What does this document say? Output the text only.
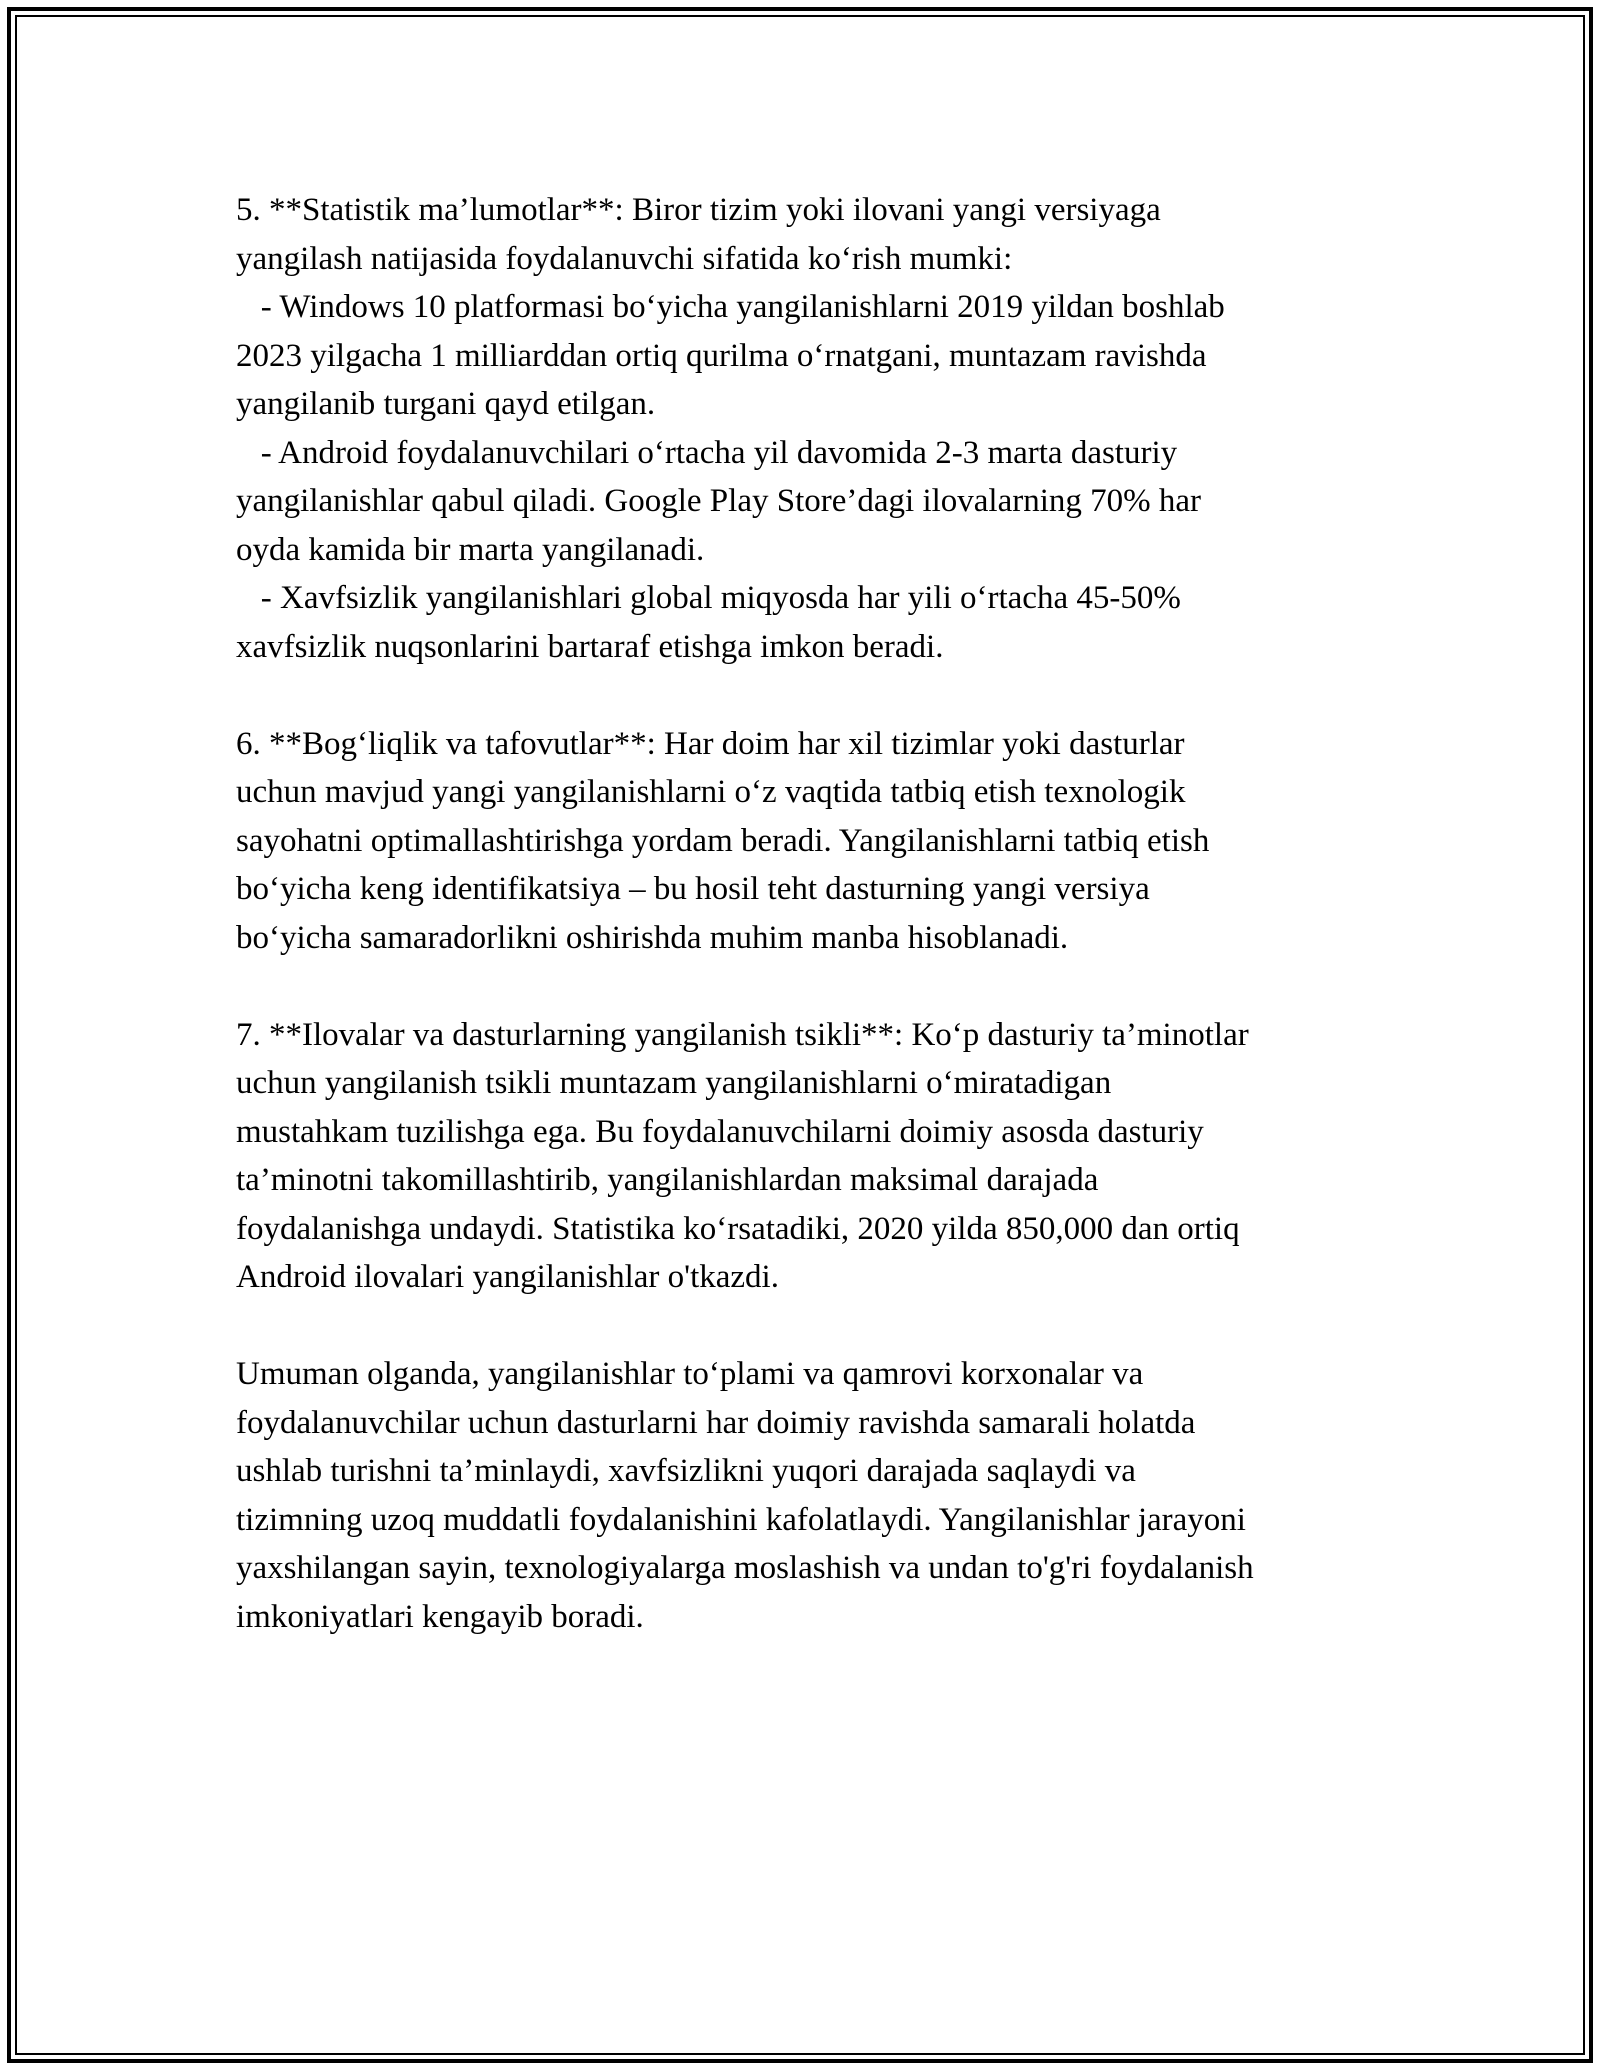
5. **Statistik ma’lumotlar**: Biror tizim yoki ilovani yangi versiyaga
yangilash natijasida foydalanuvchi sifatida ko‘rish mumki:
- Windows 10 platformasi bo‘yicha yangilanishlarni 2019 yildan boshlab
2023 yilgacha 1 milliarddan ortiq qurilma o‘rnatgani, muntazam ravishda
yangilanib turgani qayd etilgan.
- Android foydalanuvchilari o‘rtacha yil davomida 2-3 marta dasturiy
yangilanishlar qabul qiladi. Google Play Store’dagi ilovalarning 70% har
oyda kamida bir marta yangilanadi.
- Xavfsizlik yangilanishlari global miqyosda har yili o‘rtacha 45-50%
xavfsizlik nuqsonlarini bartaraf etishga imkon beradi.
6. **Bog‘liqlik va tafovutlar**: Har doim har xil tizimlar yoki dasturlar
uchun mavjud yangi yangilanishlarni o‘z vaqtida tatbiq etish texnologik
sayohatni optimallashtirishga yordam beradi. Yangilanishlarni tatbiq etish
bo‘yicha keng identifikatsiya – bu hosil teht dasturning yangi versiya
bo‘yicha samaradorlikni oshirishda muhim manba hisoblanadi.
7. **Ilovalar va dasturlarning yangilanish tsikli**: Ko‘p dasturiy ta’minotlar
uchun yangilanish tsikli muntazam yangilanishlarni o‘miratadigan
mustahkam tuzilishga ega. Bu foydalanuvchilarni doimiy asosda dasturiy
ta’minotni takomillashtirib, yangilanishlardan maksimal darajada
foydalanishga undaydi. Statistika ko‘rsatadiki, 2020 yilda 850,000 dan ortiq
Android ilovalari yangilanishlar o'tkazdi.
Umuman olganda, yangilanishlar to‘plami va qamrovi korxonalar va
foydalanuvchilar uchun dasturlarni har doimiy ravishda samarali holatda
ushlab turishni ta’minlaydi, xavfsizlikni yuqori darajada saqlaydi va
tizimning uzoq muddatli foydalanishini kafolatlaydi. Yangilanishlar jarayoni
yaxshilangan sayin, texnologiyalarga moslashish va undan to'g'ri foydalanish
imkoniyatlari kengayib boradi.
